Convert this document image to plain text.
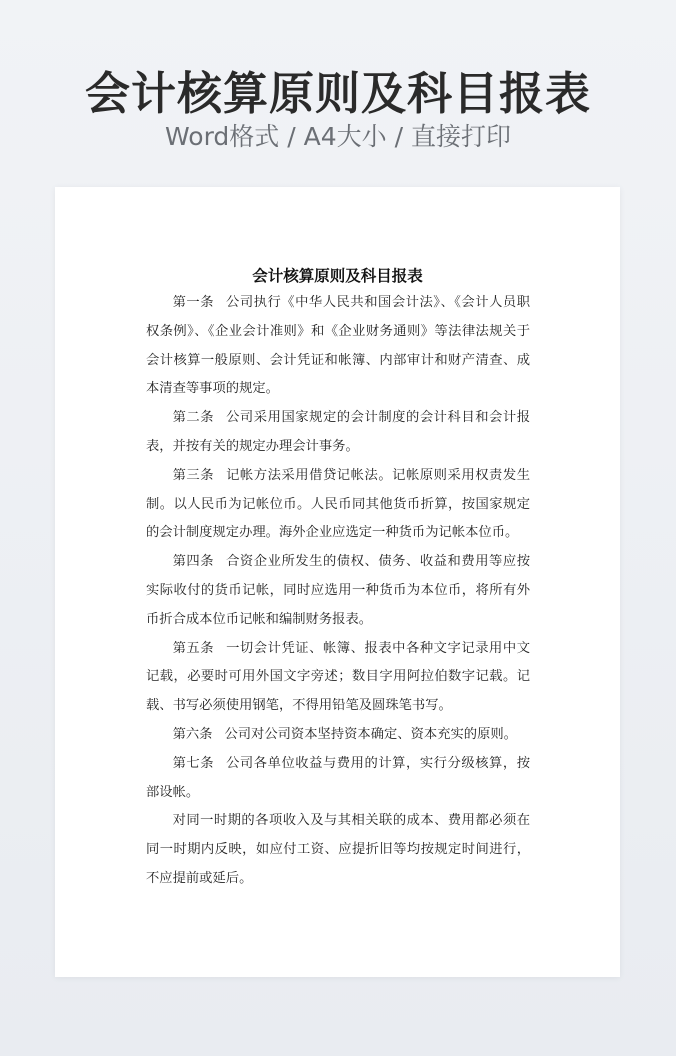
会计核算原则及科目报表
Word格式 / A4大小 / 直接打印
会计核算原则及科目报表

第一条 公司执行《中华人民共和国会计法》、《会计人员职权条例》、《企业会计准则》和《企业财务通则》等法律法规关于会计核算一般原则、会计凭证和帐簿、内部审计和财产清查、成本清查等事项的规定。

第二条 公司采用国家规定的会计制度的会计科目和会计报表，并按有关的规定办理会计事务。

第三条 记帐方法采用借贷记帐法。记帐原则采用权责发生制。以人民币为记帐位币。人民币同其他货币折算，按国家规定的会计制度规定办理。海外企业应选定一种货币为记帐本位币。

第四条 合资企业所发生的债权、债务、收益和费用等应按实际收付的货币记帐，同时应选用一种货币为本位币，将所有外币折合成本位币记帐和编制财务报表。

第五条 一切会计凭证、帐簿、报表中各种文字记录用中文记载，必要时可用外国文字旁述；数目字用阿拉伯数字记载。记载、书写必须使用钢笔，不得用铅笔及圆珠笔书写。

第六条 公司对公司资本坚持资本确定、资本充实的原则。

第七条 公司各单位收益与费用的计算，实行分级核算，按部设帐。

对同一时期的各项收入及与其相关联的成本、费用都必须在同一时期内反映，如应付工资、应提折旧等均按规定时间进行，不应提前或延后。
